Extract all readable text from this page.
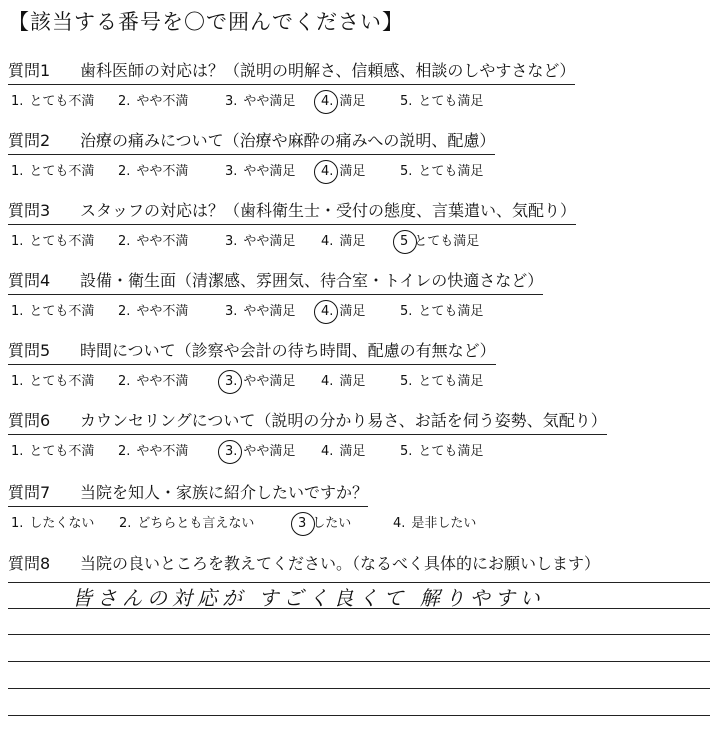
【該当する番号を〇で囲んでください】
質問1	歯科医師の対応は？（説明の明解さ、信頼感、相談のしやすさなど）
1. とても不満 2. やや不満	3. やや満足 4. 満足	5. とても満足
質問2	治療の痛みについて（治療や麻酔の痛みへの説明、配慮）
1. とても不満 2. やや不満	3. やや満足 4. 満足	5. とても満足
質問3	スタッフの対応は？（歯科衛生士・受付の態度、言葉遣い、気配り）
1. とても不満 2. やや不満	3. やや満足 4. 満足	5 とても満足
質問4	設備・衛生面（清潔感、雰囲気、待合室・トイレの快適さなど）
1. とても不満 2. やや不満	3. やや満足 4. 満足	5. とても満足
質問5	時間について（診察や会計の待ち時間、配慮の有無など）
1. とても不満 2. やや不満	3. やや満足 4. 満足	5. とても満足
質問6	カウンセリングについて（説明の分かり易さ、お話を伺う姿勢、気配り）
1. とても不満 2. やや不満	3. やや満足 4. 満足	5. とても満足
質問7	当院を知人・家族に紹介したいですか？
1. したくない 2. どちらとも言えない	3 したい	4. 是非したい
質問8	当院の良いところを教えてください。（なるべく具体的にお願いします）
皆さんの対応が すごく良くて 解りやすい
